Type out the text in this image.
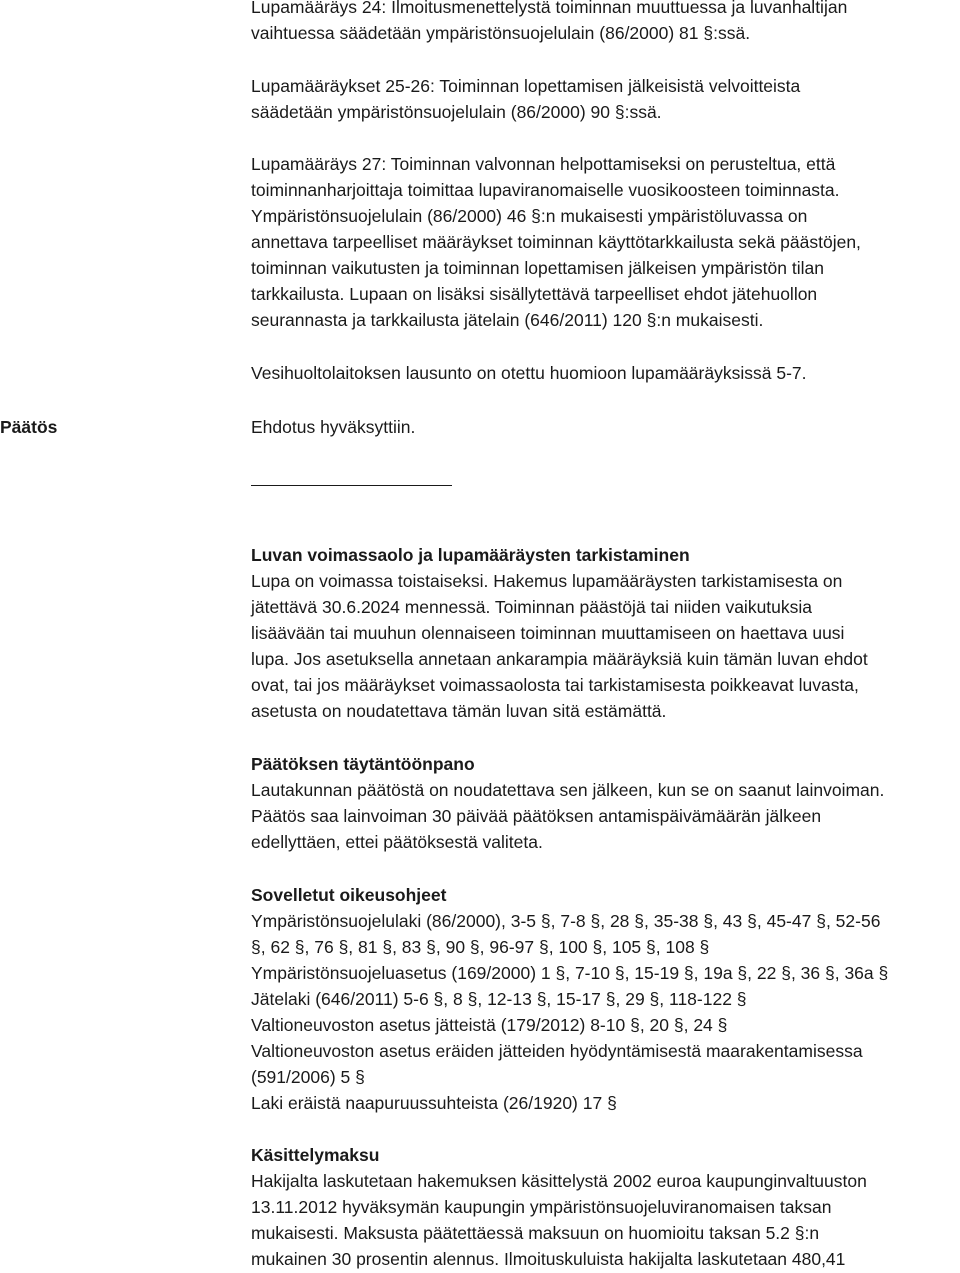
Lupamääräys 24: Ilmoitusmenettelystä toiminnan muuttuessa ja luvanhaltijan
vaihtuessa säädetään ympäristönsuojelulain (86/2000) 81 §:ssä.
Lupamääräykset 25-26: Toiminnan lopettamisen jälkeisistä velvoitteista
säädetään ympäristönsuojelulain (86/2000) 90 §:ssä.
Lupamääräys 27: Toiminnan valvonnan helpottamiseksi on perusteltua, että
toiminnanharjoittaja toimittaa lupaviranomaiselle vuosikoosteen toiminnasta.
Ympäristönsuojelulain (86/2000) 46 §:n mukaisesti ympäristöluvassa on
annettava tarpeelliset määräykset toiminnan käyttötarkkailusta sekä päästöjen,
toiminnan vaikutusten ja toiminnan lopettamisen jälkeisen ympäristön tilan
tarkkailusta. Lupaan on lisäksi sisällytettävä tarpeelliset ehdot jätehuollon
seurannasta ja tarkkailusta jätelain (646/2011) 120 §:n mukaisesti.
Vesihuoltolaitoksen lausunto on otettu huomioon lupamääräyksissä 5-7.
Päätös	Ehdotus hyväksyttiin.
Luvan voimassaolo ja lupamääräysten tarkistaminen
Lupa on voimassa toistaiseksi. Hakemus lupamääräysten tarkistamisesta on
jätettävä 30.6.2024 mennessä. Toiminnan päästöjä tai niiden vaikutuksia
lisäävään tai muuhun olennaiseen toiminnan muuttamiseen on haettava uusi
lupa. Jos asetuksella annetaan ankarampia määräyksiä kuin tämän luvan ehdot
ovat, tai jos määräykset voimassaolosta tai tarkistamisesta poikkeavat luvasta,
asetusta on noudatettava tämän luvan sitä estämättä.
Päätöksen täytäntöönpano
Lautakunnan päätöstä on noudatettava sen jälkeen, kun se on saanut lainvoiman.
Päätös saa lainvoiman 30 päivää päätöksen antamispäivämäärän jälkeen
edellyttäen, ettei päätöksestä valiteta.
Sovelletut oikeusohjeet
Ympäristönsuojelulaki (86/2000), 3-5 §, 7-8 §, 28 §, 35-38 §, 43 §, 45-47 §, 52-56
§, 62 §, 76 §, 81 §, 83 §, 90 §, 96-97 §, 100 §, 105 §, 108 §
Ympäristönsuojeluasetus (169/2000) 1 §, 7-10 §, 15-19 §, 19a §, 22 §, 36 §, 36a §
Jätelaki (646/2011) 5-6 §, 8 §, 12-13 §, 15-17 §, 29 §, 118-122 §
Valtioneuvoston asetus jätteistä (179/2012) 8-10 §, 20 §, 24 §
Valtioneuvoston asetus eräiden jätteiden hyödyntämisestä maarakentamisessa
(591/2006) 5 §
Laki eräistä naapuruussuhteista (26/1920) 17 §
Käsittelymaksu
Hakijalta laskutetaan hakemuksen käsittelystä 2002 euroa kaupunginvaltuuston
13.11.2012 hyväksymän kaupungin ympäristönsuojeluviranomaisen taksan
mukaisesti. Maksusta päätettäessä maksuun on huomioitu taksan 5.2 §:n
mukainen 30 prosentin alennus. Ilmoituskuluista hakijalta laskutetaan 480,41
